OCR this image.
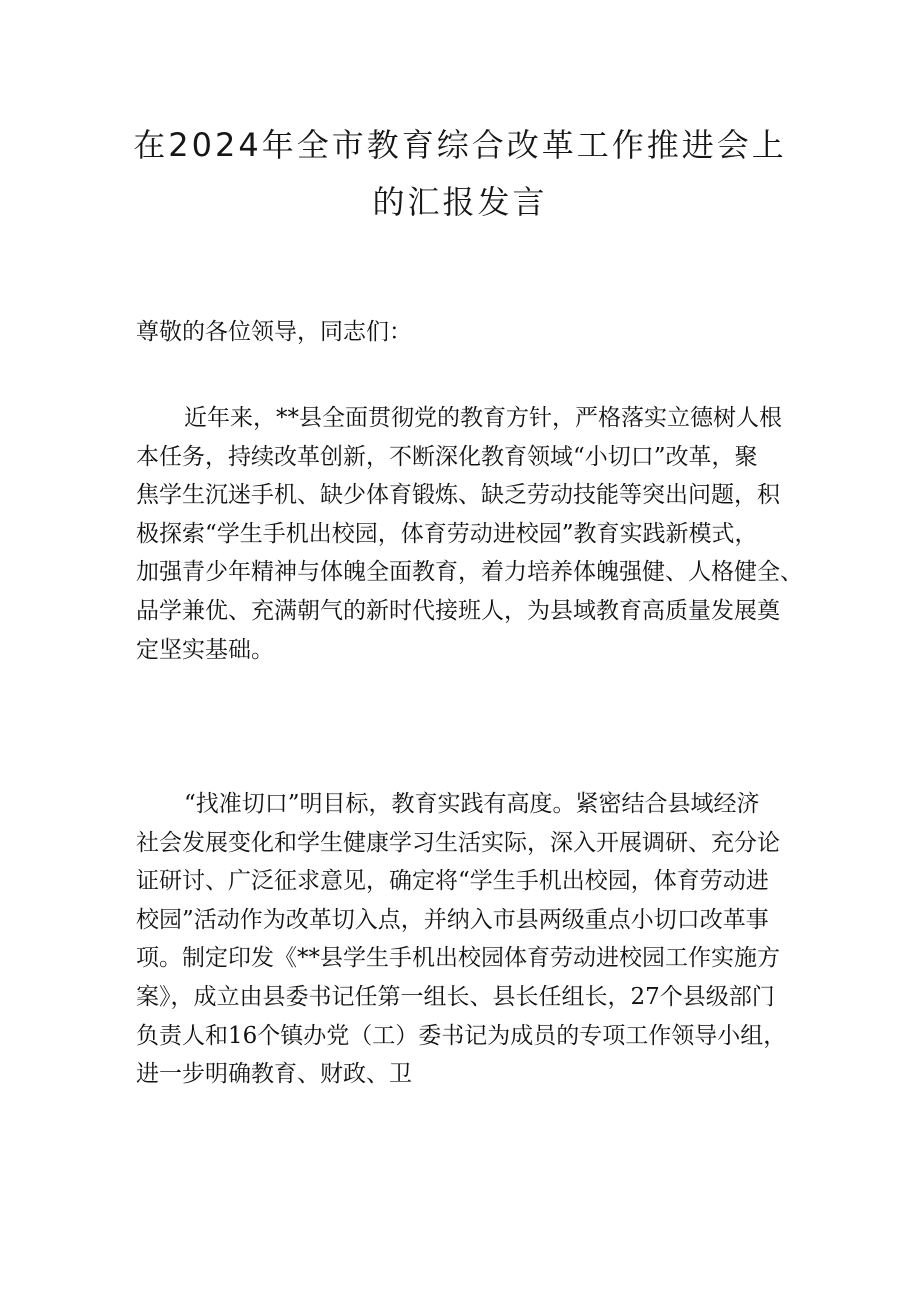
在2024年全市教育综合改革工作推进会上
的汇报发言

尊敬的各位领导，同志们：

近年来，**县全面贯彻党的教育方针，严格落实立德树人根
本任务，持续改革创新，不断深化教育领域“小切口”改革，聚
焦学生沉迷手机、缺少体育锻炼、缺乏劳动技能等突出问题，积
极探索“学生手机出校园，体育劳动进校园”教育实践新模式，
加强青少年精神与体魄全面教育，着力培养体魄强健、人格健全、
品学兼优、充满朝气的新时代接班人，为县域教育高质量发展奠
定坚实基础。
“找准切口”明目标，教育实践有高度。紧密结合县域经济
社会发展变化和学生健康学习生活实际，深入开展调研、充分论
证研讨、广泛征求意见，确定将“学生手机出校园，体育劳动进
校园”活动作为改革切入点，并纳入市县两级重点小切口改革事
项。制定印发《**县学生手机出校园体育劳动进校园工作实施方
案》，成立由县委书记任第一组长、县长任组长，27个县级部门
负责人和16个镇办党（工）委书记为成员的专项工作领导小组，
进一步明确教育、财政、卫
